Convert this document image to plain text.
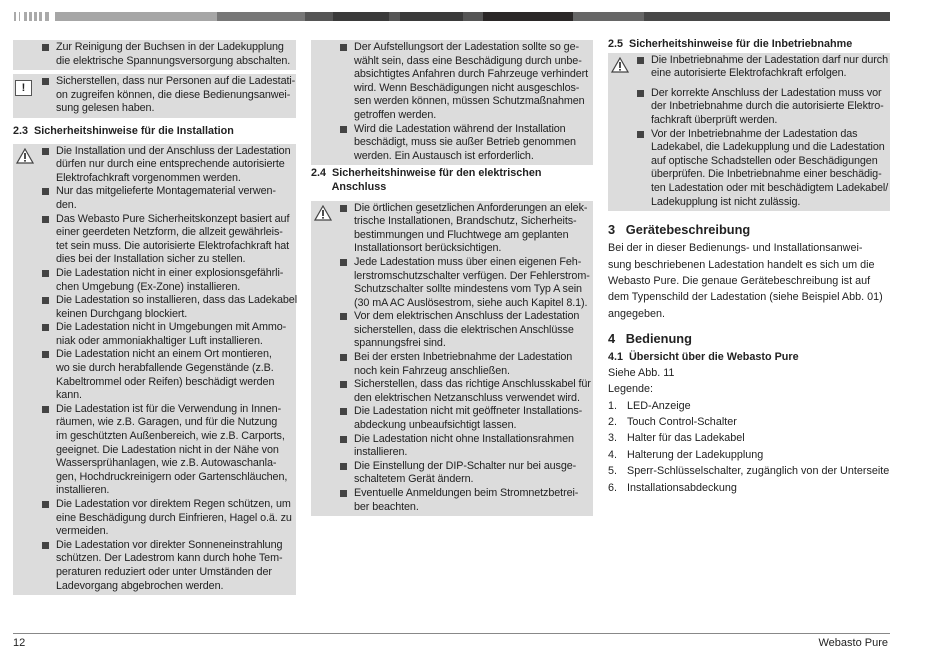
Zur Reinigung der Buchsen in der Ladekupplung
die elektrische Spannungsversorgung abschalten.
!
Sicherstellen, dass nur Personen auf die Ladestati-
on zugreifen können, die diese Bedienungsanwei-
sung gelesen haben.
2.3  Sicherheitshinweise für die Installation
Die Installation und der Anschluss der Ladestation
dürfen nur durch eine entsprechende autorisierte
Elektrofachkraft vorgenommen werden.
Nur das mitgelieferte Montagematerial verwen-
den.
Das Webasto Pure Sicherheitskonzept basiert auf
einer geerdeten Netzform, die allzeit gewährleis-
tet sein muss. Die autorisierte Elektrofachkraft hat
dies bei der Installation sicher zu stellen.
Die Ladestation nicht in einer explosionsgefährli-
chen Umgebung (Ex-Zone) installieren.
Die Ladestation so installieren, dass das Ladekabel
keinen Durchgang blockiert.
Die Ladestation nicht in Umgebungen mit Ammo-
niak oder ammoniakhaltiger Luft installieren.
Die Ladestation nicht an einem Ort montieren,
wo sie durch herabfallende Gegenstände (z.B.
Kabeltrommel oder Reifen) beschädigt werden
kann.
Die Ladestation ist für die Verwendung in Innen-
räumen, wie z.B. Garagen, und für die Nutzung
im geschützten Außenbereich, wie z.B. Carports,
geeignet. Die Ladestation nicht in der Nähe von
Wassersprühanlagen, wie z.B. Autowaschanla-
gen, Hochdruckreinigern oder Gartenschläuchen,
installieren.
Die Ladestation vor direktem Regen schützen, um
eine Beschädigung durch Einfrieren, Hagel o.ä. zu
vermeiden.
Die Ladestation vor direkter Sonneneinstrahlung
schützen. Der Ladestrom kann durch hohe Tem-
peraturen reduziert oder unter Umständen der
Ladevorgang abgebrochen werden.
Der Aufstellungsort der Ladestation sollte so ge-
wählt sein, dass eine Beschädigung durch unbe-
absichtigtes Anfahren durch Fahrzeuge verhindert
wird. Wenn Beschädigungen nicht ausgeschlos-
sen werden können, müssen Schutzmaßnahmen
getroffen werden.
Wird die Ladestation während der Installation
beschädigt, muss sie außer Betrieb genommen
werden. Ein Austausch ist erforderlich.
2.4  Sicherheitshinweise für den elektrischen
Anschluss
Die örtlichen gesetzlichen Anforderungen an elek-
trische Installationen, Brandschutz, Sicherheits-
bestimmungen und Fluchtwege am geplanten
Installationsort berücksichtigen.
Jede Ladestation muss über einen eigenen Feh-
lerstromschutzschalter verfügen. Der Fehlerstrom-
Schutzschalter sollte mindestens vom Typ A sein
(30 mA AC Auslösestrom, siehe auch Kapitel 8.1).
Vor dem elektrischen Anschluss der Ladestation
sicherstellen, dass die elektrischen Anschlüsse
spannungsfrei sind.
Bei der ersten Inbetriebnahme der Ladestation
noch kein Fahrzeug anschließen.
Sicherstellen, dass das richtige Anschlusskabel für
den elektrischen Netzanschluss verwendet wird.
Die Ladestation nicht mit geöffneter Installations-
abdeckung unbeaufsichtigt lassen.
Die Ladestation nicht ohne Installationsrahmen
installieren.
Die Einstellung der DIP-Schalter nur bei ausge-
schaltetem Gerät ändern.
Eventuelle Anmeldungen beim Stromnetzbetrei-
ber beachten.
2.5  Sicherheitshinweise für die Inbetriebnahme
Die Inbetriebnahme der Ladestation darf nur durch
eine autorisierte Elektrofachkraft erfolgen.
Der korrekte Anschluss der Ladestation muss vor
der Inbetriebnahme durch die autorisierte Elektro-
fachkraft überprüft werden.
Vor der Inbetriebnahme der Ladestation das
Ladekabel, die Ladekupplung und die Ladestation
auf optische Schadstellen oder Beschädigungen
überprüfen. Die Inbetriebnahme einer beschädig-
ten Ladestation oder mit beschädigtem Ladekabel/
Ladekupplung ist nicht zulässig.
3   Gerätebeschreibung
Bei der in dieser Bedienungs- und Installationsanwei-
sung beschriebenen Ladestation handelt es sich um die
Webasto Pure. Die genaue Gerätebeschreibung ist auf
dem Typenschild der Ladestation (siehe Beispiel Abb. 01)
angegeben.
4   Bedienung
4.1  Übersicht über die Webasto Pure
Siehe Abb. 11
Legende:
1. LED-Anzeige
2. Touch Control-Schalter
3. Halter für das Ladekabel
4. Halterung der Ladekupplung
5. Sperr-Schlüsselschalter, zugänglich von der Unterseite
6. Installationsabdeckung
12	Webasto Pure
